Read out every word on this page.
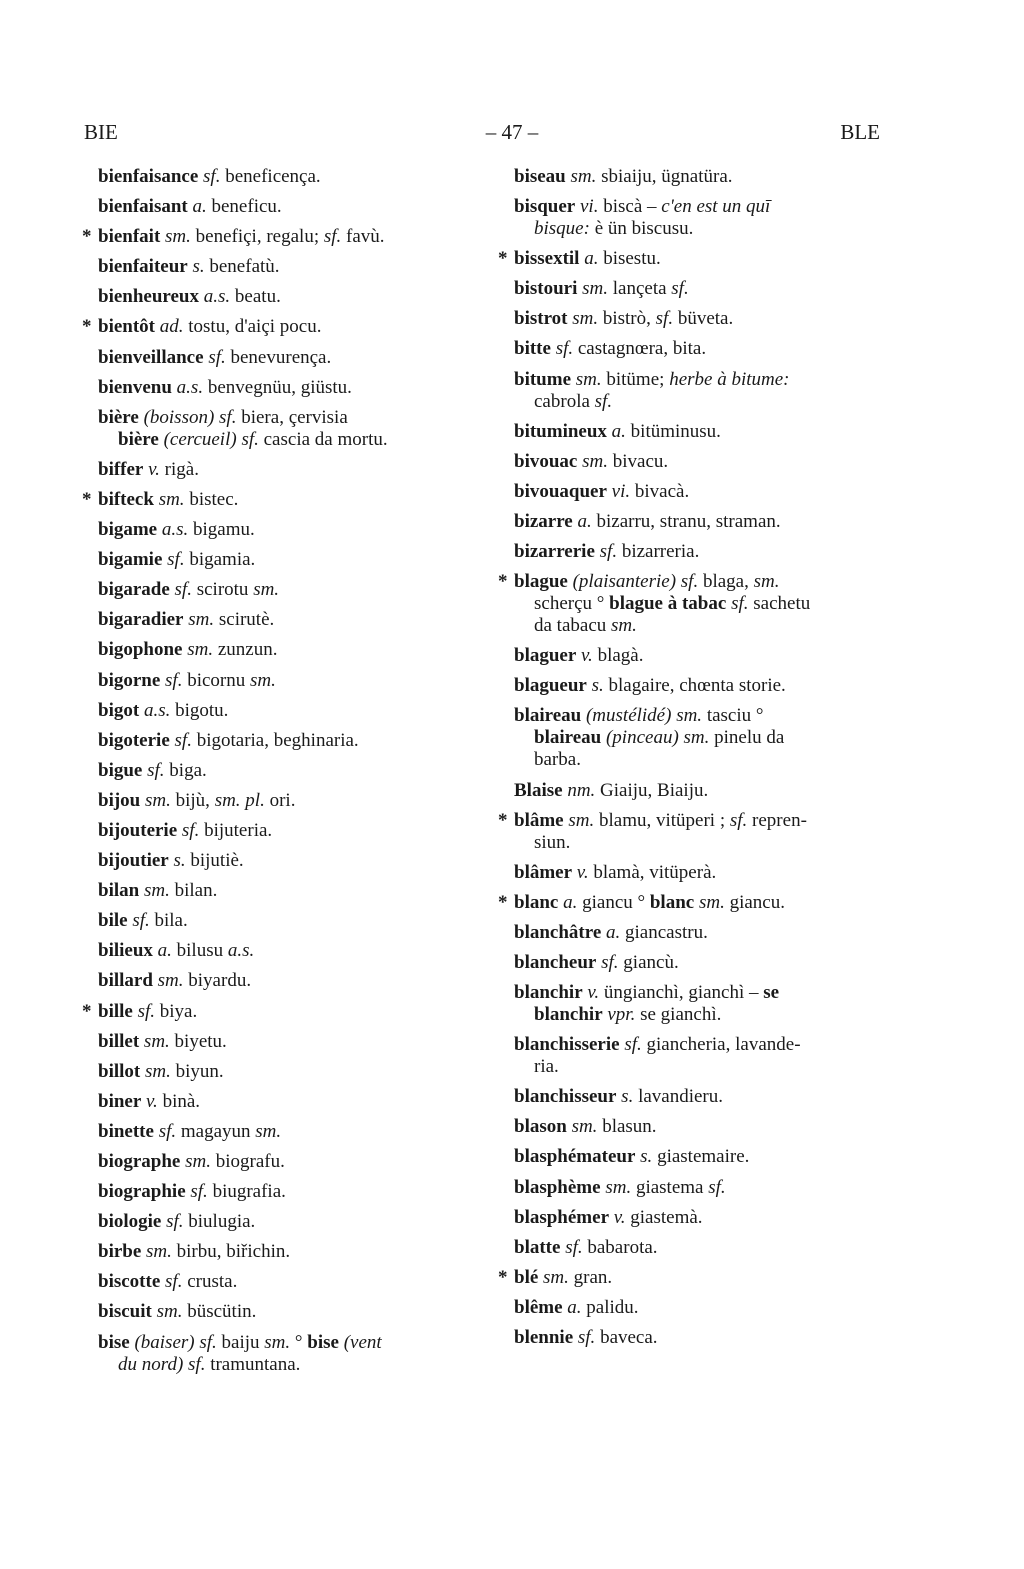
BIE	– 47 –	BLE
bienfaisance sf. beneficença.
bienfaisant a. beneficu.
* bienfait sm. benefiçi, regalu; sf. favù.
bienfaiteur s. benefatù.
bienheureux a.s. beatu.
* bientôt ad. tostu, d'aiçi pocu.
bienveillance sf. benevurença.
bienvenu a.s. benvegnüu, giüstu.
bière (boisson) sf. biera, çervisia
bière (cercueil) sf. cascia da mortu.
biffer v. rigà.
* bifteck sm. bistec.
bigame a.s. bigamu.
bigamie sf. bigamia.
bigarade sf. scirotu sm.
bigaradier sm. scirutè.
bigophone sm. zunzun.
bigorne sf. bicornu sm.
bigot a.s. bigotu.
bigoterie sf. bigotaria, beghinaria.
bigue sf. biga.
bijou sm. bijù, sm. pl. ori.
bijouterie sf. bijuteria.
bijoutier s. bijutiè.
bilan sm. bilan.
bile sf. bila.
bilieux a. bilusu a.s.
billard sm. biyardu.
* bille sf. biya.
billet sm. biyetu.
billot sm. biyun.
biner v. binà.
binette sf. magayun sm.
biographe sm. biografu.
biographie sf. biugrafia.
biologie sf. biulugia.
birbe sm. birbu, biřichin.
biscotte sf. crusta.
biscuit sm. büscütin.
bise (baiser) sf. baiju sm. ° bise (vent
du nord) sf. tramuntana.
biseau sm. sbiaiju, ügnatüra.
bisquer vi. biscà – c'en est un quī
bisque: è ün biscusu.
* bissextil a. bisestu.
bistouri sm. lançeta sf.
bistrot sm. bistrò, sf. büveta.
bitte sf. castagnœra, bita.
bitume sm. bitüme; herbe à bitume:
cabrola sf.
bitumineux a. bitüminusu.
bivouac sm. bivacu.
bivouaquer vi. bivacà.
bizarre a. bizarru, stranu, straman.
bizarrerie sf. bizarreria.
* blague (plaisanterie) sf. blaga, sm.
scherçu ° blague à tabac sf. sachetu
da tabacu sm.
blaguer v. blagà.
blagueur s. blagaire, chœnta storie.
blaireau (mustélidé) sm. tasciu °
blaireau (pinceau) sm. pinelu da
barba.
Blaise nm. Giaiju, Biaiju.
* blâme sm. blamu, vitüperi ; sf. repren-
siun.
blâmer v. blamà, vitüperà.
* blanc a. giancu ° blanc sm. giancu.
blanchâtre a. giancastru.
blancheur sf. giancù.
blanchir v. üngianchì, gianchì – se
blanchir vpr. se gianchì.
blanchisserie sf. giancheria, lavande-
ria.
blanchisseur s. lavandieru.
blason sm. blasun.
blasphémateur s. giastemaire.
blasphème sm. giastema sf.
blasphémer v. giastemà.
blatte sf. babarota.
* blé sm. gran.
blême a. palidu.
blennie sf. baveca.
